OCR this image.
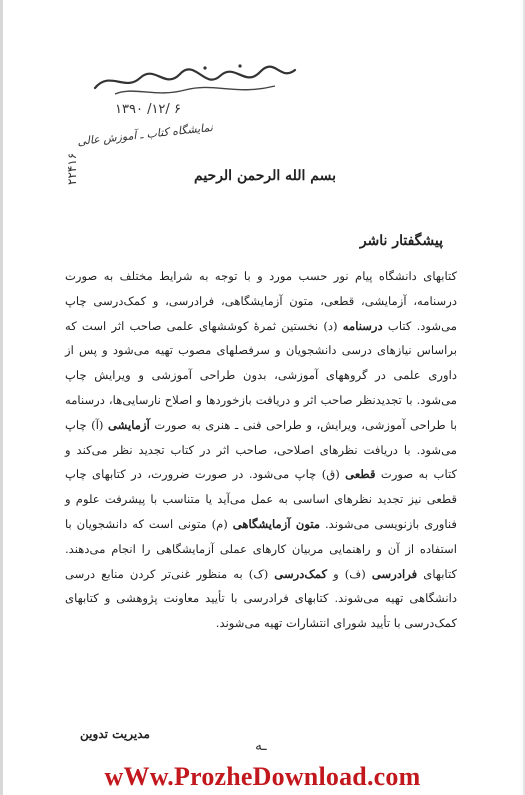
۲۲۴۱۶
۶ /۱۲/ ۱۳۹۰
نمایشگاه کتاب ـ آموزش عالی
بسم الله الرحمن الرحیم
پیشگفتار ناشر
کتابهای دانشگاه پیام نور حسب مورد و با توجه به شرایط مختلف به صورت درسنامه، آزمایشی، قطعی، متون آزمایشگاهی، فرادرسی، و کمک‌درسی چاپ می‌شود. کتاب درسنامه (د) نخستین ثمرهٔ کوششهای علمی صاحب اثر است که براساس نیازهای درسی دانشجویان و سرفصلهای مصوب تهیه می‌شود و پس از داوری علمی در گروههای آموزشی، بدون طراحی آموزشی و ویرایش چاپ می‌شود. با تجدیدنظر صاحب اثر و دریافت بازخوردها و اصلاح نارسایی‌ها، درسنامه با طراحی آموزشی، ویرایش، و طراحی فنی ـ هنری به صورت آزمایشی (آ) چاپ می‌شود. با دریافت نظرهای اصلاحی، صاحب اثر در کتاب تجدید نظر می‌کند و کتاب به صورت قطعی (ق) چاپ می‌شود. در صورت ضرورت، در کتابهای چاپ قطعی نیز تجدید نظرهای اساسی به عمل می‌آید یا متناسب با پیشرفت علوم و فناوری بازنویسی می‌شوند. متون آزمایشگاهی (م) متونی است که دانشجویان با استفاده از آن و راهنمایی مربیان کارهای عملی آزمایشگاهی را انجام می‌دهند. کتابهای فرادرسی (ف) و کمک‌درسی (ک) به منظور غنی‌تر کردن منابع درسی دانشگاهی تهیه می‌شوند. کتابهای فرادرسی با تأیید معاونت پژوهشی و کتابهای کمک‌درسی با تأیید شورای انتشارات تهیه می‌شوند.
مدیریت تدوین
ـه
wWw.ProzheDownload.com
